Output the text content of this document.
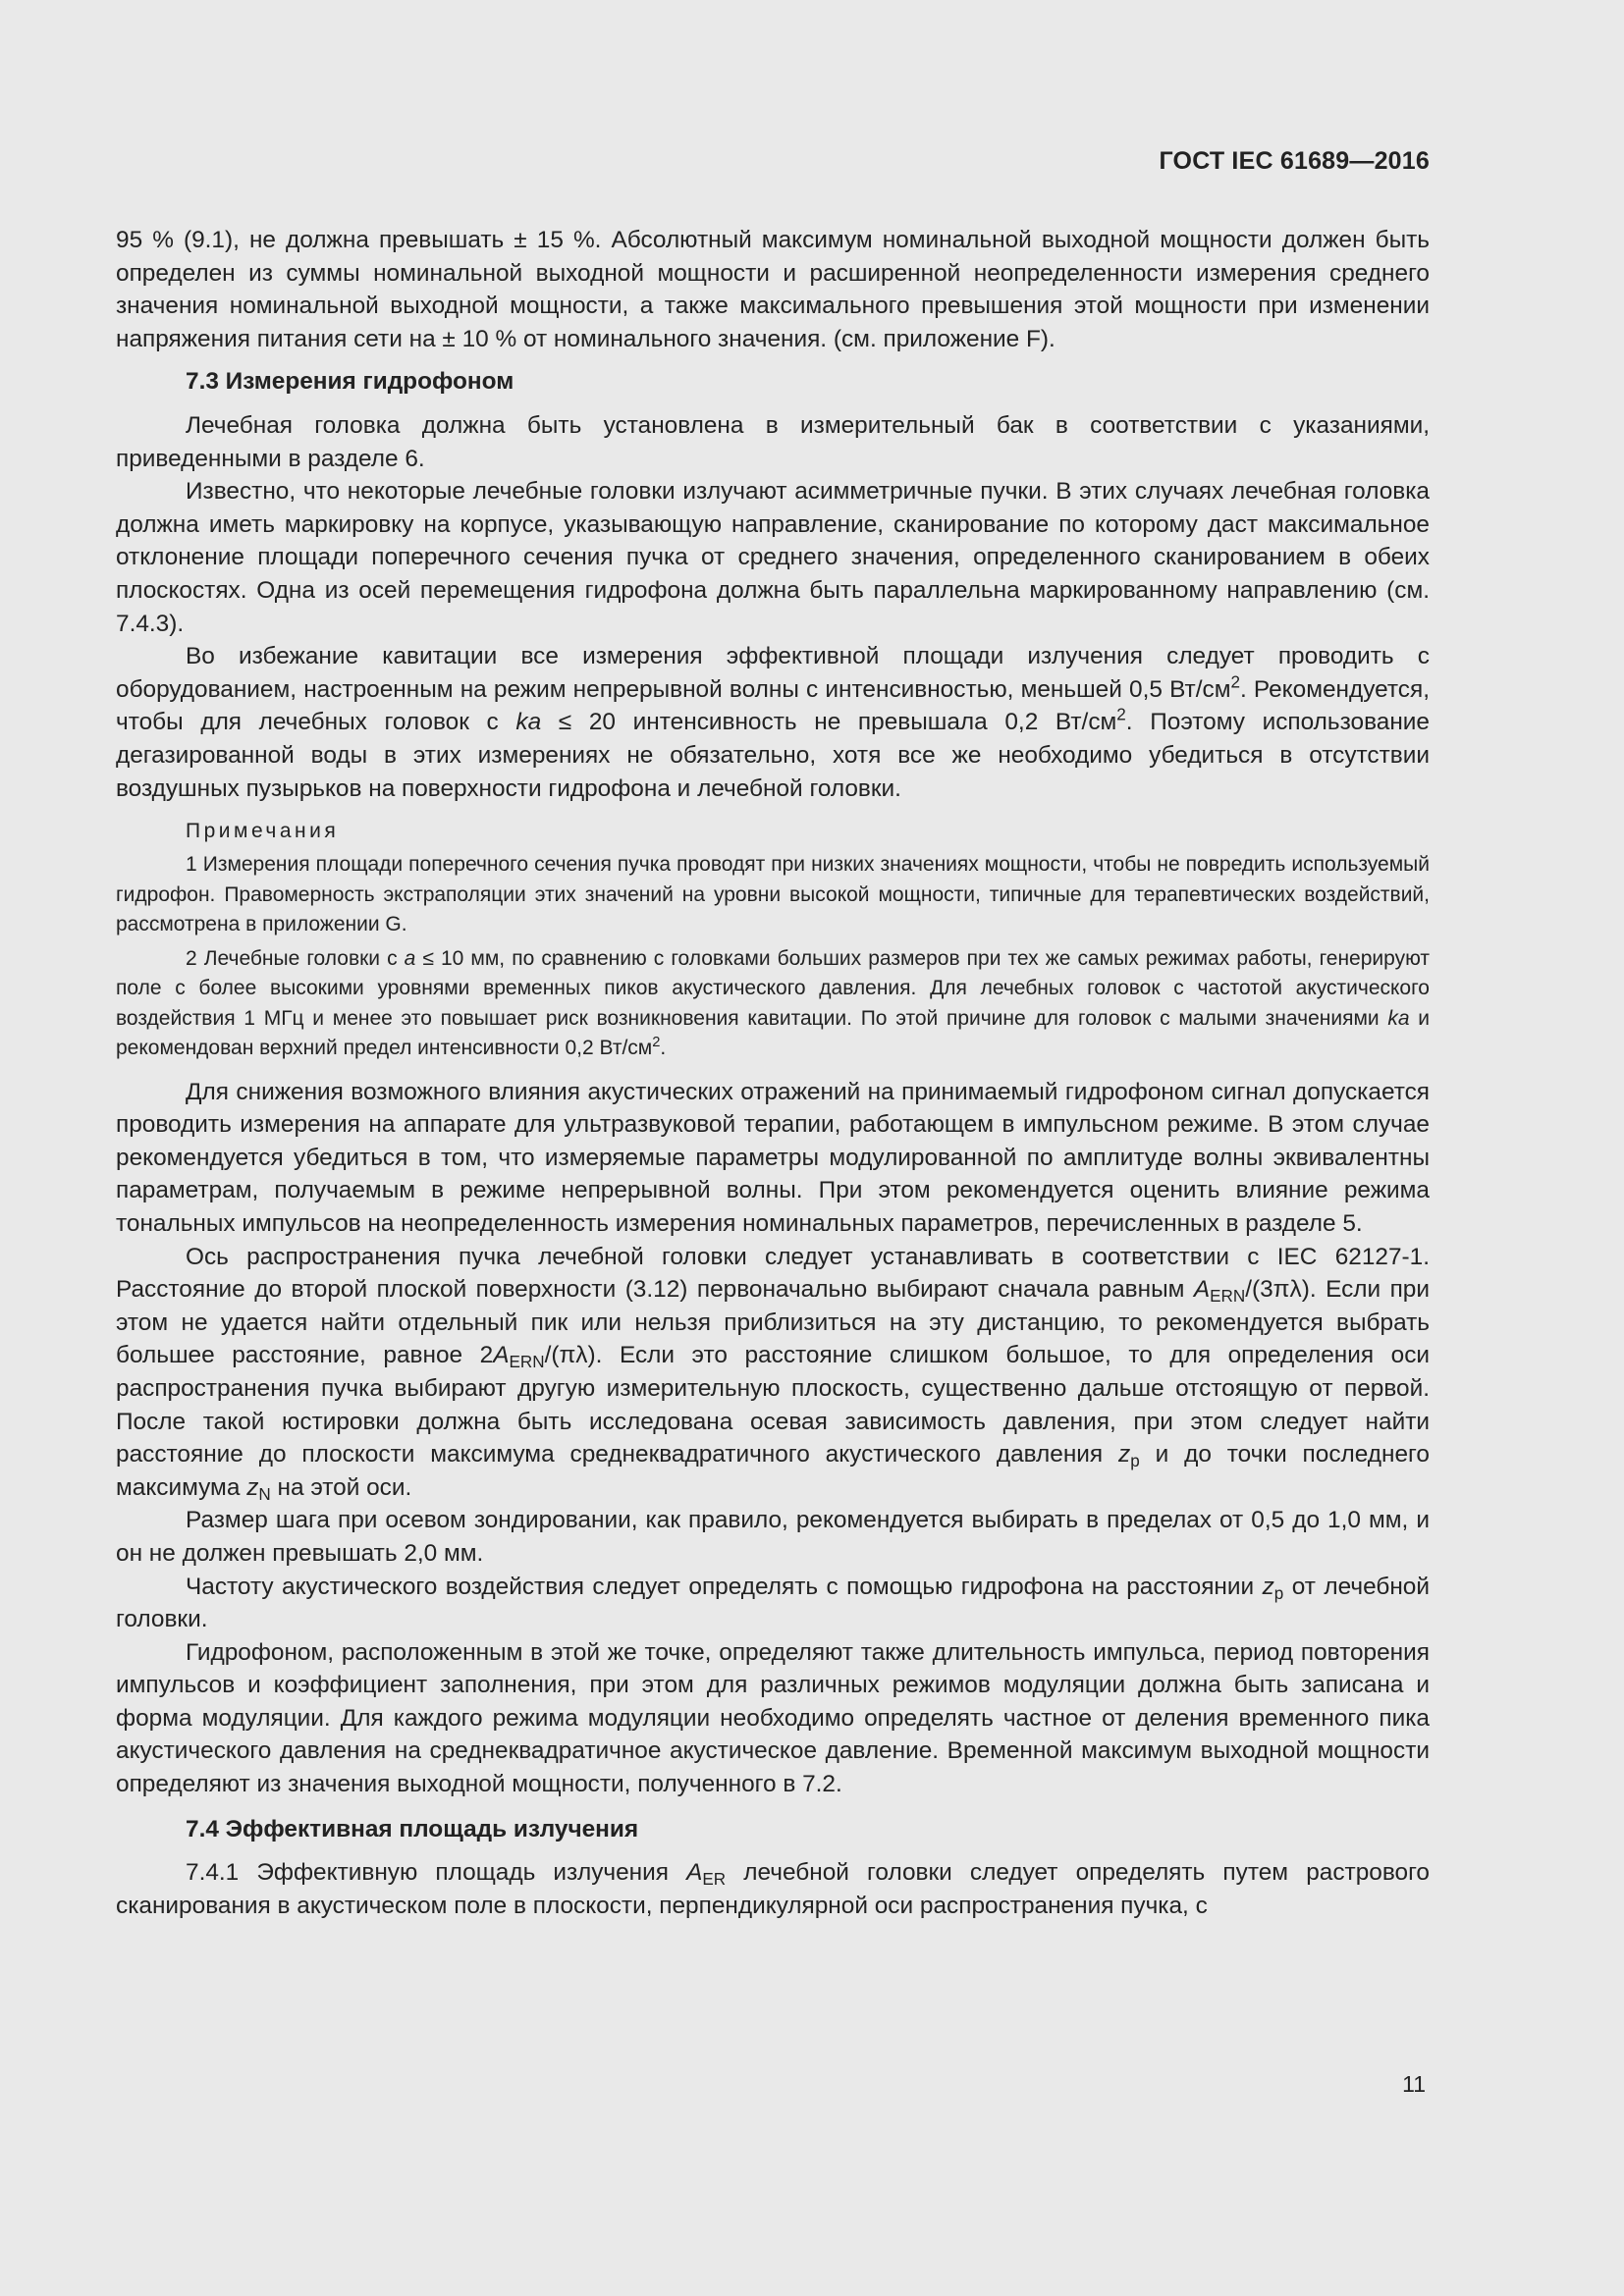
ГОСТ IEC 61689—2016

95 % (9.1), не должна превышать ± 15 %. Абсолютный максимум номинальной выходной мощности должен быть определен из суммы номинальной выходной мощности и расширенной неопределенности измерения среднего значения номинальной выходной мощности, а также максимального превышения этой мощности при изменении напряжения питания сети на ± 10 % от номинального значения. (см. приложение F).

7.3 Измерения гидрофоном

Лечебная головка должна быть установлена в измерительный бак в соответствии с указаниями, приведенными в разделе 6.

Известно, что некоторые лечебные головки излучают асимметричные пучки. В этих случаях лечебная головка должна иметь маркировку на корпусе, указывающую направление, сканирование по которому даст максимальное отклонение площади поперечного сечения пучка от среднего значения, определенного сканированием в обеих плоскостях. Одна из осей перемещения гидрофона должна быть параллельна маркированному направлению (см. 7.4.3).

Во избежание кавитации все измерения эффективной площади излучения следует проводить с оборудованием, настроенным на режим непрерывной волны с интенсивностью, меньшей 0,5 $Вт/см^2$. Рекомендуется, чтобы для лечебных головок с ka ≤ 20 интенсивность не превышала 0,2 $Вт/см^2$. Поэтому использование дегазированной воды в этих измерениях не обязательно, хотя все же необходимо убедиться в отсутствии воздушных пузырьков на поверхности гидрофона и лечебной головки.

Примечания

1 Измерения площади поперечного сечения пучка проводят при низких значениях мощности, чтобы не повредить используемый гидрофон. Правомерность экстраполяции этих значений на уровни высокой мощности, типичные для терапевтических воздействий, рассмотрена в приложении G.

2 Лечебные головки с a ≤ 10 мм, по сравнению с головками больших размеров при тех же самых режимах работы, генерируют поле с более высокими уровнями временных пиков акустического давления. Для лечебных головок с частотой акустического воздействия 1 МГц и менее это повышает риск возникновения кавитации. По этой причине для головок с малыми значениями ka и рекомендован верхний предел интенсивности 0,2 $Вт/см^2$.

Для снижения возможного влияния акустических отражений на принимаемый гидрофоном сигнал допускается проводить измерения на аппарате для ультразвуковой терапии, работающем в импульсном режиме. В этом случае рекомендуется убедиться в том, что измеряемые параметры модулированной по амплитуде волны эквивалентны параметрам, получаемым в режиме непрерывной волны. При этом рекомендуется оценить влияние режима тональных импульсов на неопределенность измерения номинальных параметров, перечисленных в разделе 5.

Ось распространения пучка лечебной головки следует устанавливать в соответствии с IEC 62127-1. Расстояние до второй плоской поверхности (3.12) первоначально выбирают сначала равным $A_{ERN}/(3\pi\lambda)$. Если при этом не удается найти отдельный пик или нельзя приблизиться на эту дистанцию, то рекомендуется выбрать большее расстояние, равное $2A_{ERN}/(\pi\lambda)$. Если это расстояние слишком большое, то для определения оси распространения пучка выбирают другую измерительную плоскость, существенно дальше отстоящую от первой. После такой юстировки должна быть исследована осевая зависимость давления, при этом следует найти расстояние до плоскости максимума среднеквадратичного акустического давления $z_p$ и до точки последнего максимума $z_N$ на этой оси.

Размер шага при осевом зондировании, как правило, рекомендуется выбирать в пределах от 0,5 до 1,0 мм, и он не должен превышать 2,0 мм.

Частоту акустического воздействия следует определять с помощью гидрофона на расстоянии $z_p$ от лечебной головки.

Гидрофоном, расположенным в этой же точке, определяют также длительность импульса, период повторения импульсов и коэффициент заполнения, при этом для различных режимов модуляции должна быть записана и форма модуляции. Для каждого режима модуляции необходимо определять частное от деления временного пика акустического давления на среднеквадратичное акустическое давление. Временной максимум выходной мощности определяют из значения выходной мощности, полученного в 7.2.

7.4 Эффективная площадь излучения

7.4.1 Эффективную площадь излучения $A_{ER}$ лечебной головки следует определять путем растрового сканирования в акустическом поле в плоскости, перпендикулярной оси распространения пучка, с

11
